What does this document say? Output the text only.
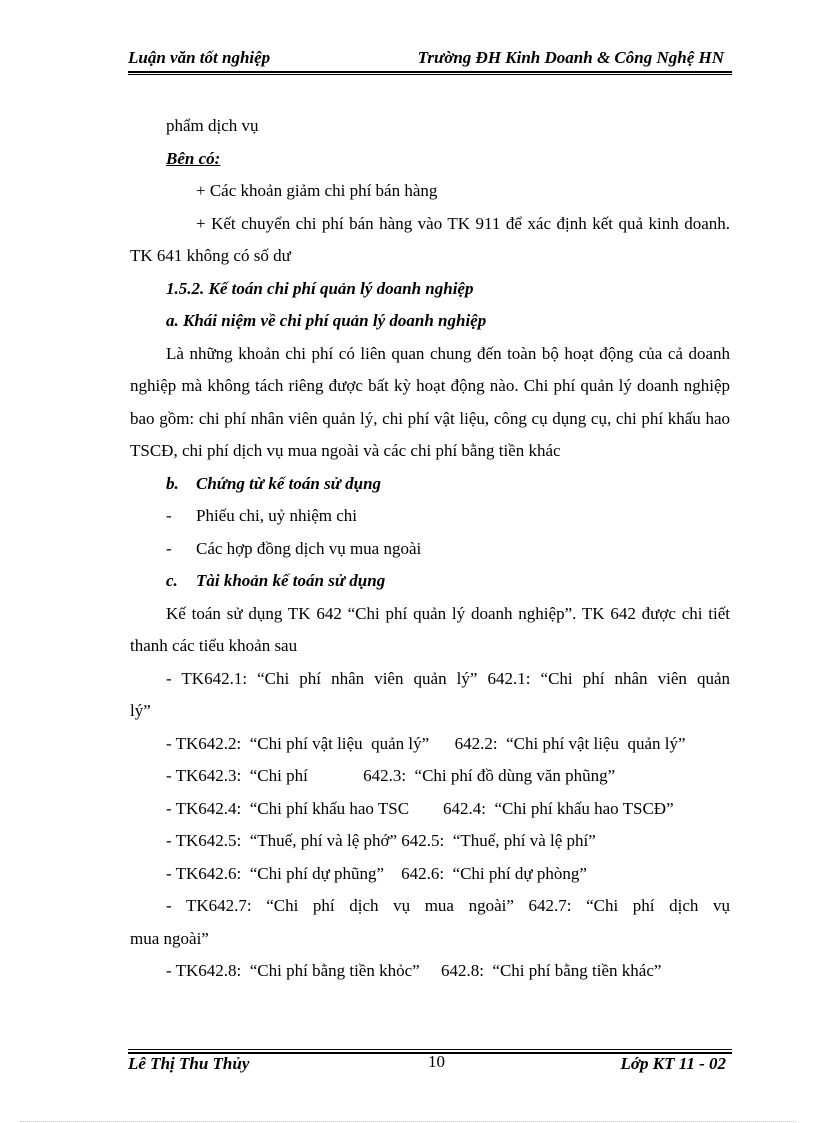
Luận văn tốt nghiệp	Trường ĐH Kinh Doanh & Công Nghệ HN

phẩm dịch vụ

Bên có:

+ Các khoản giảm chi phí bán hàng

+ Kết chuyển chi phí bán hàng vào TK 911 để xác định kết quả kinh doanh. TK 641 không có số dư

1.5.2. Kế toán chi phí quản lý doanh nghiệp

a. Khái niệm về chi phí quản lý doanh nghiệp

Là những khoản chi phí có liên quan chung đến toàn bộ hoạt động của cả doanh nghiệp mà không tách riêng được bất kỳ hoạt động nào. Chi phí quản lý doanh nghiệp bao gồm: chi phí nhân viên quản lý, chi phí vật liệu, công cụ dụng cụ, chi phí khấu hao TSCĐ, chi phí dịch vụ mua ngoài và các chi phí bằng tiền khác

b.	Chứng từ kế toán sử dụng
-	Phiếu chi, uỷ nhiệm chi
-	Các hợp đồng dịch vụ mua ngoài
c.	Tài khoản kế toán sử dụng

Kế toán sử dụng TK 642 “Chi phí quản lý doanh nghiệp”. TK 642 được chi tiết thanh các tiểu khoản sau

- TK642.1: “Chi phí nhân viên quản lý” 642.1: “Chi phí nhân viên quản

lý”

- TK642.2:  “Chi phí vật liệu  quản lý”      642.2:  “Chi phí vật liệu  quản lý”

- TK642.3:  “Chi phí             642.3:  “Chi phí đồ dùng văn phũng”

- TK642.4:  “Chi phí khấu hao TSC        642.4:  “Chi phí khấu hao TSCĐ”

- TK642.5:  “Thuế, phí và lệ phớ” 642.5:  “Thuế, phí và lệ phí”

- TK642.6:  “Chi phí dự phũng”    642.6:  “Chi phí dự phòng”

- TK642.7: “Chi phí dịch vụ mua ngoài” 642.7: “Chi phí dịch vụ

mua ngoài”

- TK642.8:  “Chi phí bằng tiền khỏc”     642.8:  “Chi phí bằng tiền khác”

Lê Thị Thu Thủy	10	Lớp KT 11 - 02
